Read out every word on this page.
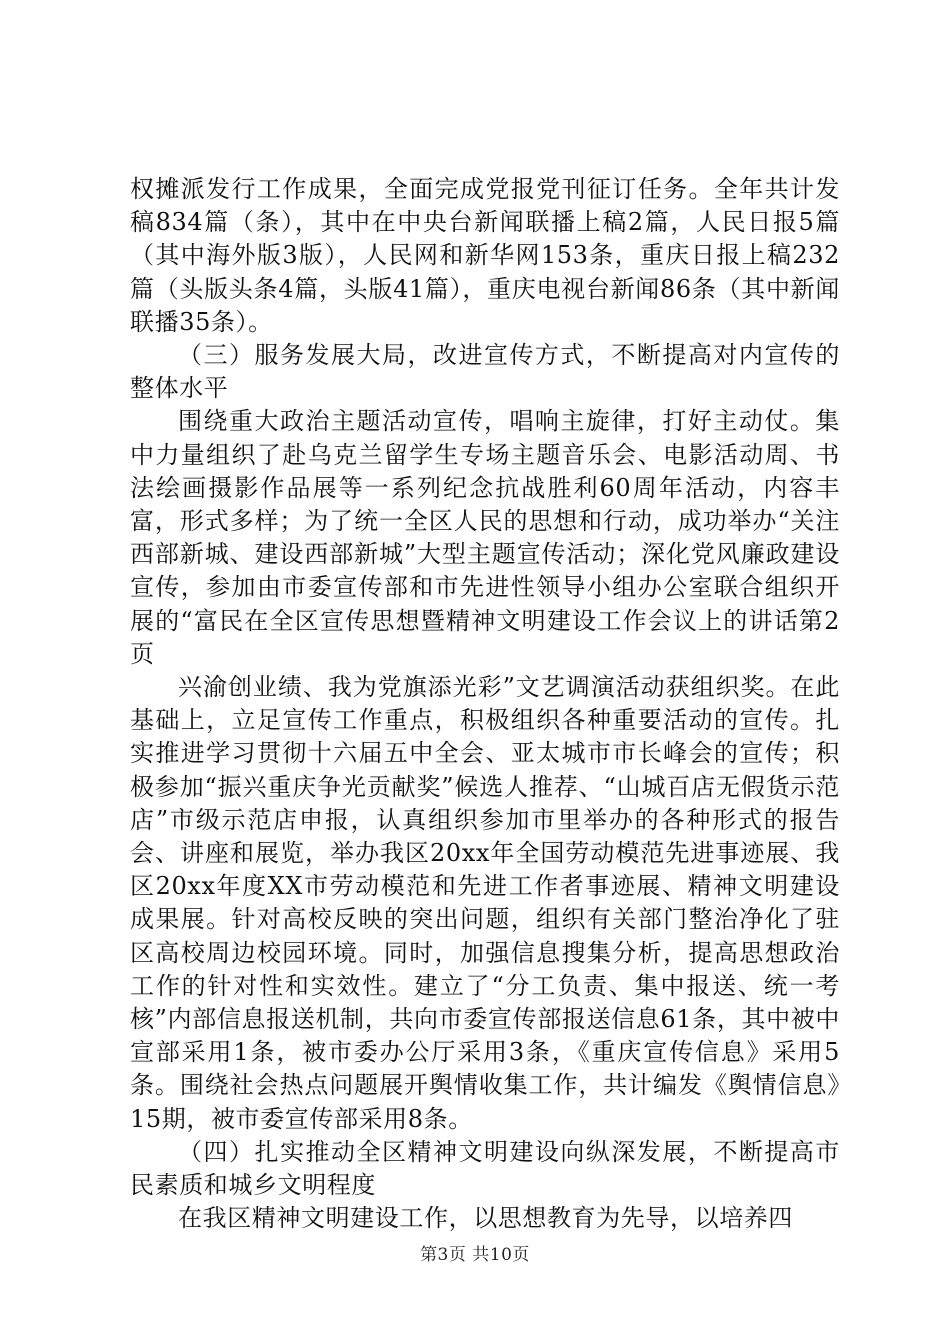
权摊派发行工作成果，全面完成党报党刊征订任务。全年共计发稿834篇（条），其中在中央台新闻联播上稿2篇，人民日报5篇（其中海外版3版），人民网和新华网153条，重庆日报上稿232篇（头版头条4篇，头版41篇），重庆电视台新闻86条（其中新闻联播35条）。

（三）服务发展大局，改进宣传方式，不断提高对内宣传的整体水平

围绕重大政治主题活动宣传，唱响主旋律，打好主动仗。集中力量组织了赴乌克兰留学生专场主题音乐会、电影活动周、书法绘画摄影作品展等一系列纪念抗战胜利60周年活动，内容丰富，形式多样；为了统一全区人民的思想和行动，成功举办“关注西部新城、建设西部新城”大型主题宣传活动；深化党风廉政建设宣传，参加由市委宣传部和市先进性领导小组办公室联合组织开展的“富民在全区宣传思想暨精神文明建设工作会议上的讲话第2页

兴渝创业绩、我为党旗添光彩”文艺调演活动获组织奖。在此基础上，立足宣传工作重点，积极组织各种重要活动的宣传。扎实推进学习贯彻十六届五中全会、亚太城市市长峰会的宣传；积极参加“振兴重庆争光贡献奖”候选人推荐、“山城百店无假货示范店”市级示范店申报，认真组织参加市里举办的各种形式的报告会、讲座和展览，举办我区20xx年全国劳动模范先进事迹展、我区20xx年度XX市劳动模范和先进工作者事迹展、精神文明建设成果展。针对高校反映的突出问题，组织有关部门整治净化了驻区高校周边校园环境。同时，加强信息搜集分析，提高思想政治工作的针对性和实效性。建立了“分工负责、集中报送、统一考核”内部信息报送机制，共向市委宣传部报送信息61条，其中被中宣部采用1条，被市委办公厅采用3条，《重庆宣传信息》采用5条。围绕社会热点问题展开舆情收集工作，共计编发《舆情信息》15期，被市委宣传部采用8条。

（四）扎实推动全区精神文明建设向纵深发展，不断提高市民素质和城乡文明程度

在我区精神文明建设工作，以思想教育为先导，以培养四

第3页 共10页
